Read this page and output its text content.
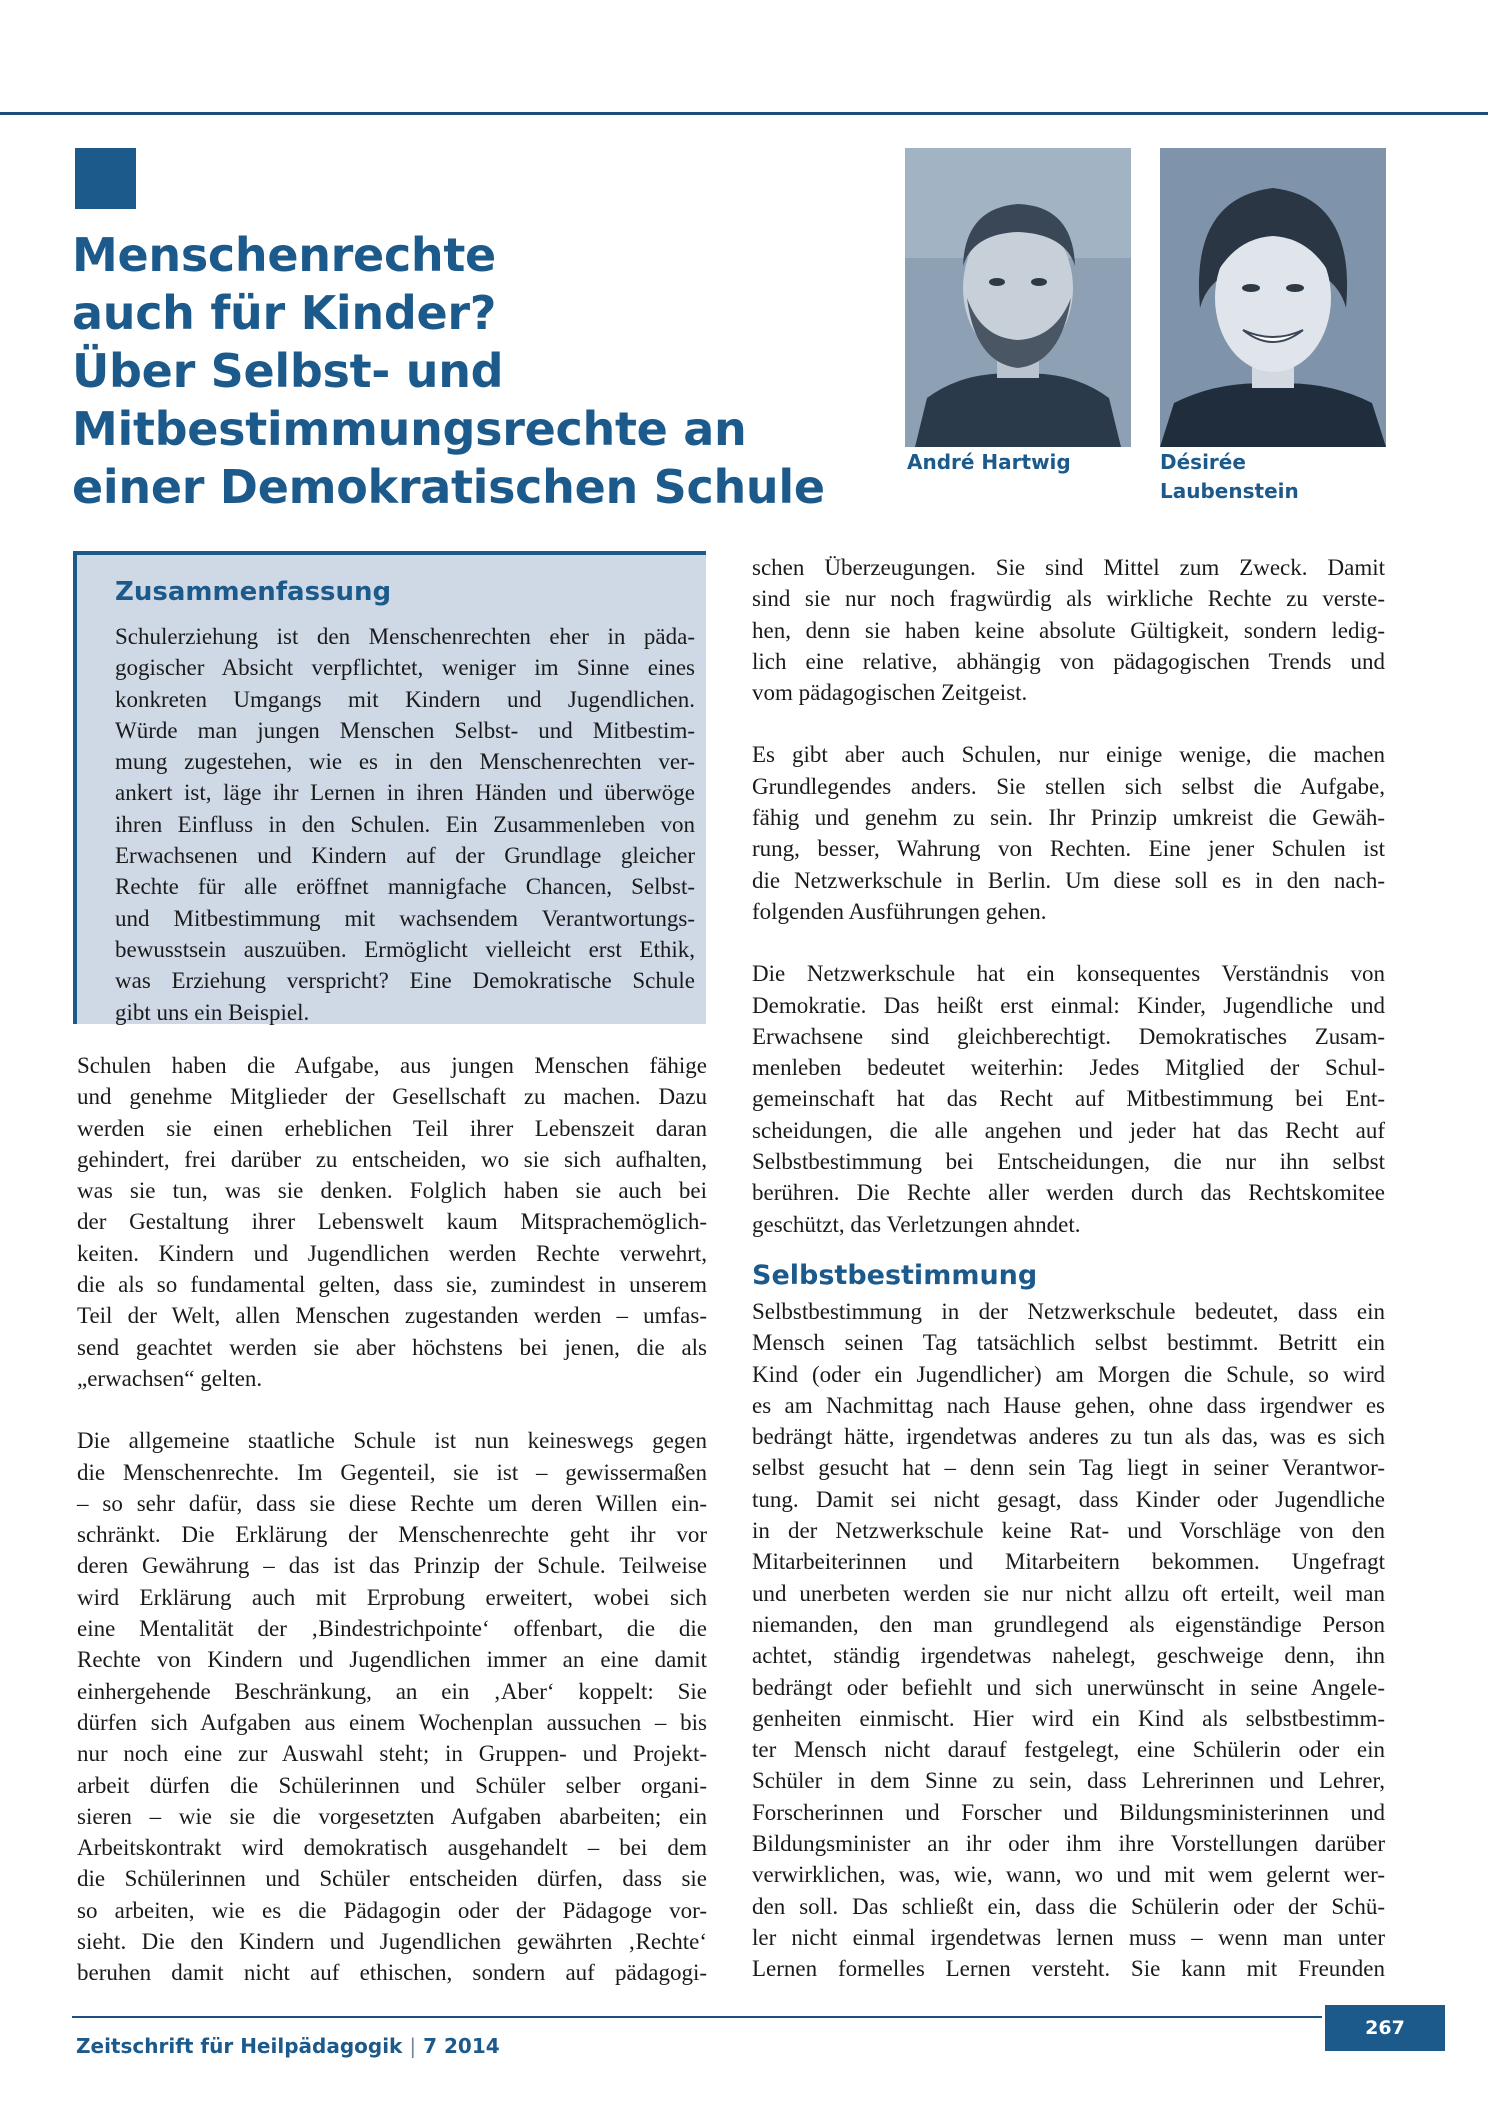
Menschenrechte
auch für Kinder?
Über Selbst- und
Mitbestimmungsrechte an
einer Demokratischen Schule	André Hartwig	Désirée
Laubenstein
Zusammenfassung
Schulerziehung ist den Menschenrechten eher in päda-
gogischer Absicht verpflichtet, weniger im Sinne eines
konkreten Umgangs mit Kindern und Jugendlichen.
Würde man jungen Menschen Selbst- und Mitbestim-
mung zugestehen, wie es in den Menschenrechten ver-
ankert ist, läge ihr Lernen in ihren Händen und überwöge
ihren Einfluss in den Schulen. Ein Zusammenleben von
Erwachsenen und Kindern auf der Grundlage gleicher
Rechte für alle eröffnet mannigfache Chancen, Selbst-
und Mitbestimmung mit wachsendem Verantwortungs-
bewusstsein auszuüben. Ermöglicht vielleicht erst Ethik,
was Erziehung verspricht? Eine Demokratische Schule
gibt uns ein Beispiel.
Schulen haben die Aufgabe, aus jungen Menschen fähige
und genehme Mitglieder der Gesellschaft zu machen. Dazu
werden sie einen erheblichen Teil ihrer Lebenszeit daran
gehindert, frei darüber zu entscheiden, wo sie sich aufhalten,
was sie tun, was sie denken. Folglich haben sie auch bei
der Gestaltung ihrer Lebenswelt kaum Mitsprachemöglich-
keiten. Kindern und Jugendlichen werden Rechte verwehrt,
die als so fundamental gelten, dass sie, zumindest in unserem
Teil der Welt, allen Menschen zugestanden werden – umfas-
send geachtet werden sie aber höchstens bei jenen, die als
„erwachsen“ gelten.
Die allgemeine staatliche Schule ist nun keineswegs gegen
die Menschenrechte. Im Gegenteil, sie ist – gewissermaßen
– so sehr dafür, dass sie diese Rechte um deren Willen ein-
schränkt. Die Erklärung der Menschenrechte geht ihr vor
deren Gewährung – das ist das Prinzip der Schule. Teilweise
wird Erklärung auch mit Erprobung erweitert, wobei sich
eine Mentalität der ‚Bindestrichpointe‘ offenbart, die die
Rechte von Kindern und Jugendlichen immer an eine damit
einhergehende Beschränkung, an ein ‚Aber‘ koppelt: Sie
dürfen sich Aufgaben aus einem Wochenplan aussuchen – bis
nur noch eine zur Auswahl steht; in Gruppen- und Projekt-
arbeit dürfen die Schülerinnen und Schüler selber organi-
sieren – wie sie die vorgesetzten Aufgaben abarbeiten; ein
Arbeitskontrakt wird demokratisch ausgehandelt – bei dem
die Schülerinnen und Schüler entscheiden dürfen, dass sie
so arbeiten, wie es die Pädagogin oder der Pädagoge vor-
sieht. Die den Kindern und Jugendlichen gewährten ‚Rechte‘
beruhen damit nicht auf ethischen, sondern auf pädagogi-
schen Überzeugungen. Sie sind Mittel zum Zweck. Damit
sind sie nur noch fragwürdig als wirkliche Rechte zu verste-
hen, denn sie haben keine absolute Gültigkeit, sondern ledig-
lich eine relative, abhängig von pädagogischen Trends und
vom pädagogischen Zeitgeist.
Es gibt aber auch Schulen, nur einige wenige, die machen
Grundlegendes anders. Sie stellen sich selbst die Aufgabe,
fähig und genehm zu sein. Ihr Prinzip umkreist die Gewäh-
rung, besser, Wahrung von Rechten. Eine jener Schulen ist
die Netzwerkschule in Berlin. Um diese soll es in den nach-
folgenden Ausführungen gehen.
Die Netzwerkschule hat ein konsequentes Verständnis von
Demokratie. Das heißt erst einmal: Kinder, Jugendliche und
Erwachsene sind gleichberechtigt. Demokratisches Zusam-
menleben bedeutet weiterhin: Jedes Mitglied der Schul-
gemeinschaft hat das Recht auf Mitbestimmung bei Ent-
scheidungen, die alle angehen und jeder hat das Recht auf
Selbstbestimmung bei Entscheidungen, die nur ihn selbst
berühren. Die Rechte aller werden durch das Rechtskomitee
geschützt, das Verletzungen ahndet.
Selbstbestimmung
Selbstbestimmung in der Netzwerkschule bedeutet, dass ein
Mensch seinen Tag tatsächlich selbst bestimmt. Betritt ein
Kind (oder ein Jugendlicher) am Morgen die Schule, so wird
es am Nachmittag nach Hause gehen, ohne dass irgendwer es
bedrängt hätte, irgendetwas anderes zu tun als das, was es sich
selbst gesucht hat – denn sein Tag liegt in seiner Verantwor-
tung. Damit sei nicht gesagt, dass Kinder oder Jugendliche
in der Netzwerkschule keine Rat- und Vorschläge von den
Mitarbeiterinnen und Mitarbeitern bekommen. Ungefragt
und unerbeten werden sie nur nicht allzu oft erteilt, weil man
niemanden, den man grundlegend als eigenständige Person
achtet, ständig irgendetwas nahelegt, geschweige denn, ihn
bedrängt oder befiehlt und sich unerwünscht in seine Angele-
genheiten einmischt. Hier wird ein Kind als selbstbestimm-
ter Mensch nicht darauf festgelegt, eine Schülerin oder ein
Schüler in dem Sinne zu sein, dass Lehrerinnen und Lehrer,
Forscherinnen und Forscher und Bildungsministerinnen und
Bildungsminister an ihr oder ihm ihre Vorstellungen darüber
verwirklichen, was, wie, wann, wo und mit wem gelernt wer-
den soll. Das schließt ein, dass die Schülerin oder der Schü-
ler nicht einmal irgendetwas lernen muss – wenn man unter
Lernen formelles Lernen versteht. Sie kann mit Freunden
Zeitschrift für Heilpädagogik | 7 2014
267
